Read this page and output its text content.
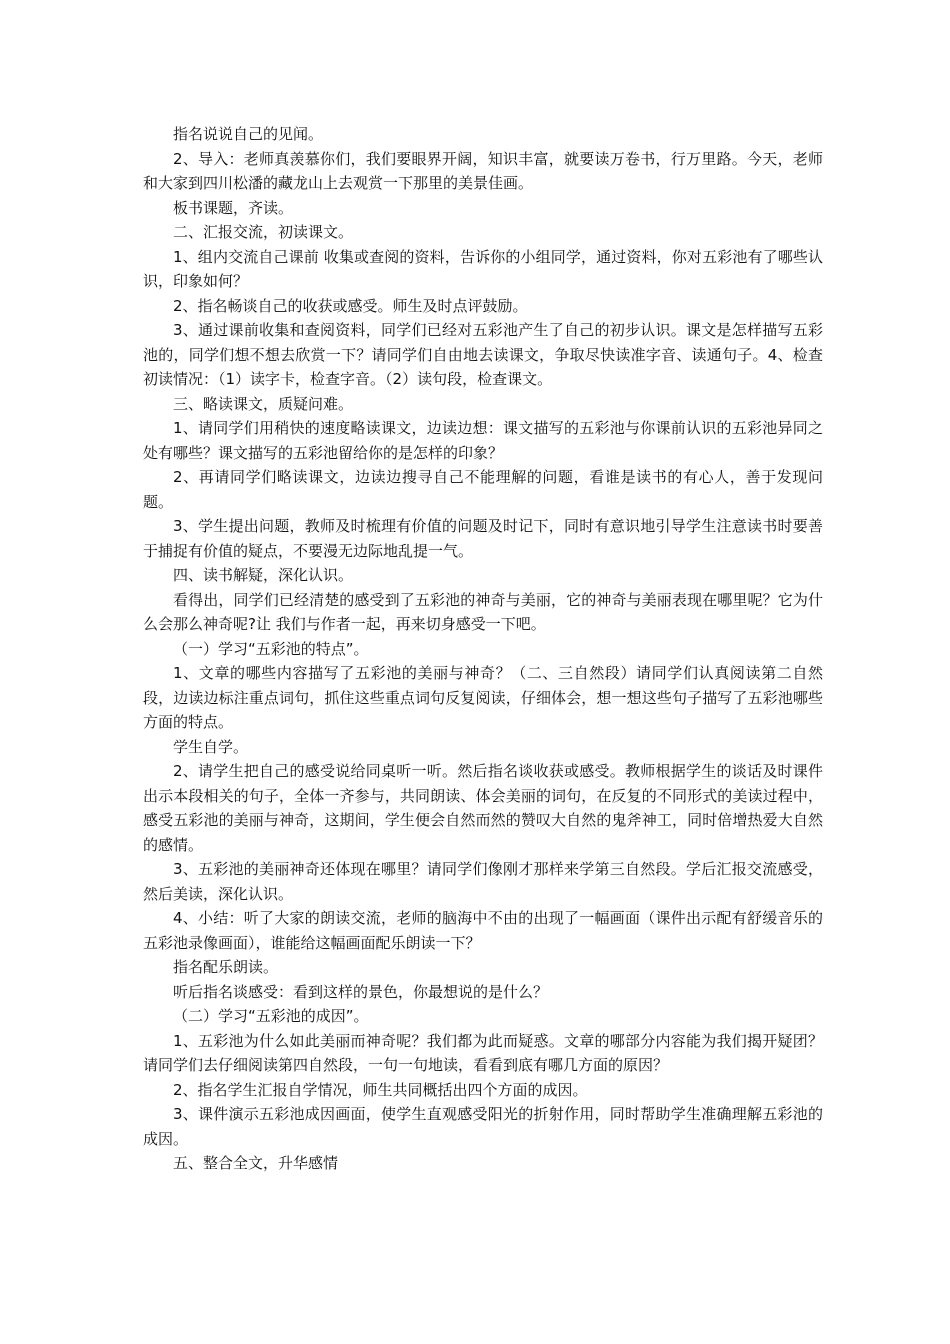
指名说说自己的见闻。

2、导入：老师真羡慕你们，我们要眼界开阔，知识丰富，就要读万卷书，行万里路。今天，老师和大家到四川松潘的藏龙山上去观赏一下那里的美景佳画。

板书课题，齐读。

二、汇报交流，初读课文。

1、组内交流自己课前 收集或查阅的资料，告诉你的小组同学，通过资料，你对五彩池有了哪些认识，印象如何？

2、指名畅谈自己的收获或感受。师生及时点评鼓励。

3、通过课前收集和查阅资料，同学们已经对五彩池产生了自己的初步认识。课文是怎样描写五彩池的，同学们想不想去欣赏一下？请同学们自由地去读课文，争取尽快读准字音、读通句子。4、检查初读情况：（1）读字卡，检查字音。（2）读句段，检查课文。

三、略读课文，质疑问难。

1、请同学们用稍快的速度略读课文，边读边想：课文描写的五彩池与你课前认识的五彩池异同之处有哪些？课文描写的五彩池留给你的是怎样的印象？

2、再请同学们略读课文，边读边搜寻自己不能理解的问题，看谁是读书的有心人，善于发现问题。

3、学生提出问题，教师及时梳理有价值的问题及时记下，同时有意识地引导学生注意读书时要善于捕捉有价值的疑点，不要漫无边际地乱提一气。

四、读书解疑，深化认识。

看得出，同学们已经清楚的感受到了五彩池的神奇与美丽，它的神奇与美丽表现在哪里呢？它为什么会那么神奇呢?让 我们与作者一起，再来切身感受一下吧。

（一）学习“五彩池的特点”。

1、文章的哪些内容描写了五彩池的美丽与神奇？（二、三自然段）请同学们认真阅读第二自然段，边读边标注重点词句，抓住这些重点词句反复阅读，仔细体会，想一想这些句子描写了五彩池哪些方面的特点。

学生自学。

2、请学生把自己的感受说给同桌听一听。然后指名谈收获或感受。教师根据学生的谈话及时课件出示本段相关的句子，全体一齐参与，共同朗读、体会美丽的词句，在反复的不同形式的美读过程中，感受五彩池的美丽与神奇，这期间，学生便会自然而然的赞叹大自然的鬼斧神工，同时倍增热爱大自然的感情。

3、五彩池的美丽神奇还体现在哪里？请同学们像刚才那样来学第三自然段。学后汇报交流感受，然后美读，深化认识。

4、小结：听了大家的朗读交流，老师的脑海中不由的出现了一幅画面（课件出示配有舒缓音乐的五彩池录像画面），谁能给这幅画面配乐朗读一下？

指名配乐朗读。

听后指名谈感受：看到这样的景色，你最想说的是什么？

（二）学习“五彩池的成因”。

1、五彩池为什么如此美丽而神奇呢？我们都为此而疑惑。文章的哪部分内容能为我们揭开疑团？请同学们去仔细阅读第四自然段，一句一句地读，看看到底有哪几方面的原因？

2、指名学生汇报自学情况，师生共同概括出四个方面的成因。

3、课件演示五彩池成因画面，使学生直观感受阳光的折射作用，同时帮助学生准确理解五彩池的成因。

五、整合全文，升华感情
